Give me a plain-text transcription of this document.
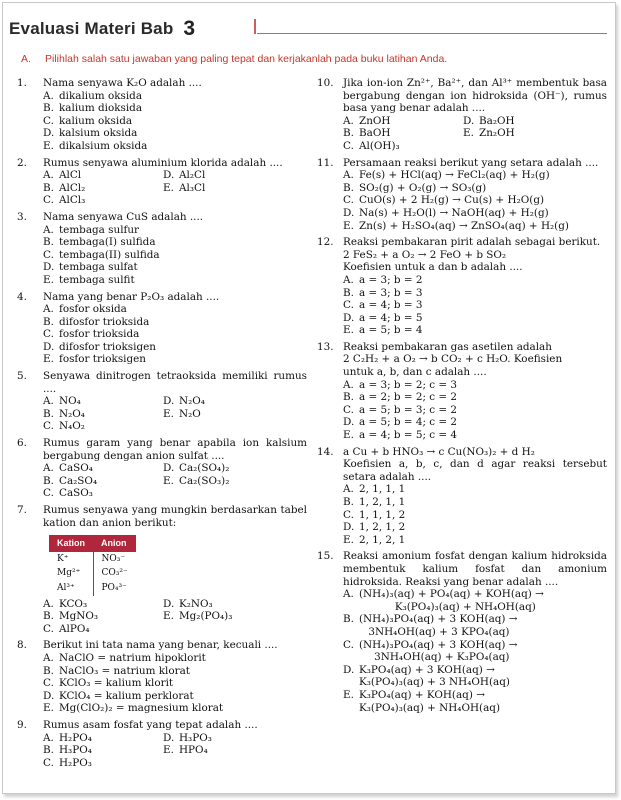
Evaluasi Materi Bab 3
A. Pilihlah salah satu jawaban yang paling tepat dan kerjakanlah pada buku latihan Anda.
1.	Nama senyawa K₂O adalah ....
A. dikalium oksida
B. kalium dioksida
C. kalium oksida
D. kalsium oksida
E. dikalsium oksida
2.	Rumus senyawa aluminium klorida adalah ....
A. AlCl	D. Al₂Cl
B. AlCl₂	E. Al₃Cl
C. AlCl₃
3.	Nama senyawa CuS adalah ....
A. tembaga sulfur
B. tembaga(I) sulfida
C. tembaga(II) sulfida
D. tembaga sulfat
E. tembaga sulfit
4.	Nama yang benar P₂O₃ adalah ....
A. fosfor oksida
B. difosfor trioksida
C. fosfor trioksida
D. difosfor trioksigen
E. fosfor trioksigen
5.	Senyawa dinitrogen tetraoksida memiliki rumus ....
A. NO₄	D. N₂O₄
B. N₂O₄	E. N₂O
C. N₄O₂
6.	Rumus garam yang benar apabila ion kalsium bergabung dengan anion sulfat ....
A. CaSO₄	D. Ca₂(SO₄)₂
B. Ca₂SO₄	E. Ca₂(SO₃)₂
C. CaSO₃
7.	Rumus senyawa yang mungkin berdasarkan tabel kation dan anion berikut:
Kation	Anion
K⁺	NO₃⁻
Mg²⁺	CO₃²⁻
Al³⁺	PO₄³⁻
A. KCO₃	D. K₂NO₃
B. MgNO₃	E. Mg₂(PO₄)₃
C. AlPO₄
8.	Berikut ini tata nama yang benar, kecuali ....
A. NaClO = natrium hipoklorit
B. NaClO₃ = natrium klorat
C. KClO₃ = kalium klorit
D. KClO₄ = kalium perklorat
E. Mg(ClO₂)₂ = magnesium klorat
9.	Rumus asam fosfat yang tepat adalah ....
A. H₂PO₄	D. H₃PO₃
B. H₃PO₄	E. HPO₄
C. H₂PO₃
10. Jika ion-ion Zn²⁺, Ba²⁺, dan Al³⁺ membentuk basa bergabung dengan ion hidroksida (OH⁻), rumus basa yang benar adalah ....
A. ZnOH	D. Ba₂OH
B. BaOH	E. Zn₂OH
C. Al(OH)₃
11. Persamaan reaksi berikut yang setara adalah ....
A. Fe(s) + HCl(aq) → FeCl₂(aq) + H₂(g)
B. SO₂(g) + O₂(g) → SO₃(g)
C. CuO(s) + 2 H₂(g) → Cu(s) + H₂O(g)
D. Na(s) + H₂O(l) → NaOH(aq) + H₂(g)
E. Zn(s) + H₂SO₄(aq) → ZnSO₄(aq) + H₂(g)
12. Reaksi pembakaran pirit adalah sebagai berikut.
2 FeS₂ + a O₂ → 2 FeO + b SO₂
Koefisien untuk a dan b adalah ....
A. a = 3; b = 2
B. a = 3; b = 3
C. a = 4; b = 3
D. a = 4; b = 5
E. a = 5; b = 4
13. Reaksi pembakaran gas asetilen adalah
2 C₂H₂ + a O₂ → b CO₂ + c H₂O. Koefisien
untuk a, b, dan c adalah ....
A. a = 3; b = 2; c = 3
B. a = 2; b = 2; c = 2
C. a = 5; b = 3; c = 2
D. a = 5; b = 4; c = 2
E. a = 4; b = 5; c = 4
14. a Cu + b HNO₃ → c Cu(NO₃)₂ + d H₂
Koefisien a, b, c, dan d agar reaksi tersebut setara adalah ....
A. 2, 1, 1, 1
B. 1, 2, 1, 1
C. 1, 1, 1, 2
D. 1, 2, 1, 2
E. 2, 1, 2, 1
15. Reaksi amonium fosfat dengan kalium hidroksida membentuk kalium fosfat dan amonium hidroksida. Reaksi yang benar adalah ....
A. (NH₄)₃(aq) + PO₄(aq) + KOH(aq) →
K₃(PO₄)₃(aq) + NH₄OH(aq)
B. (NH₄)₃PO₄(aq) + 3 KOH(aq) →
3NH₄OH(aq) + 3 KPO₄(aq)
C. (NH₄)₃PO₄(aq) + 3 KOH(aq) →
3NH₄OH(aq) + K₃PO₄(aq)
D. K₃PO₄(aq) + 3 KOH(aq) →
K₃(PO₄)₃(aq) + 3 NH₄OH(aq)
E. K₃PO₄(aq) + KOH(aq) →
K₃(PO₄)₃(aq) + NH₄OH(aq)
